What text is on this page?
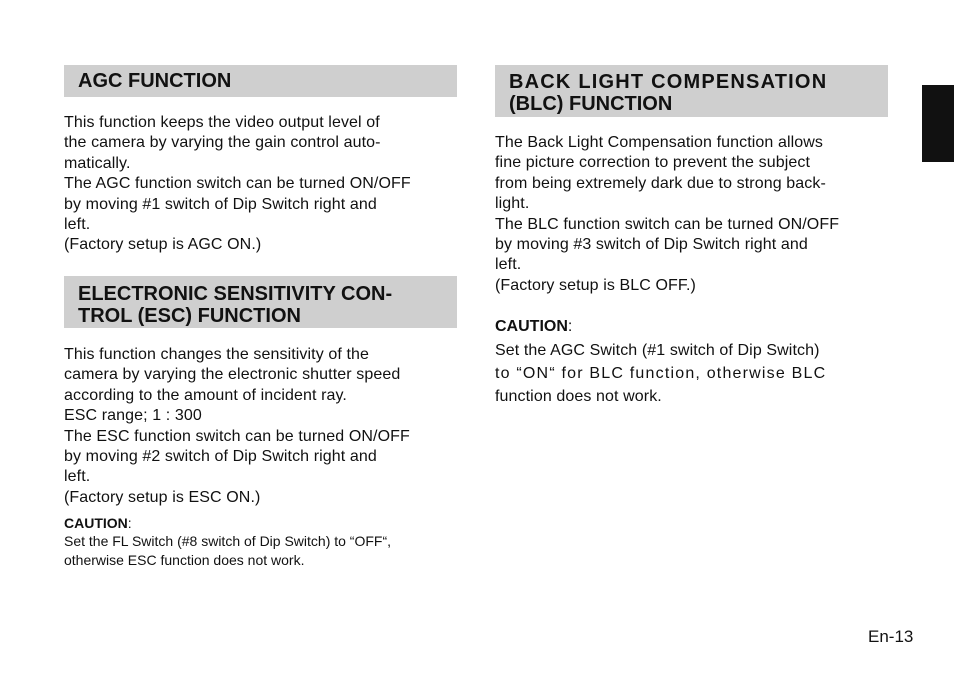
AGC FUNCTION
This function keeps the video output level of
the camera by varying the gain control auto-
matically.
The AGC function switch can be turned ON/OFF
by moving #1 switch of Dip Switch right and
left.
(Factory setup is AGC ON.)
ELECTRONIC SENSITIVITY CON-
TROL (ESC) FUNCTION
This function changes the sensitivity of the
camera by varying the electronic shutter speed
according to the amount of incident ray.
ESC range; 1 : 300
The ESC function switch can be turned ON/OFF
by moving #2 switch of Dip Switch right and
left.
(Factory setup is ESC ON.)
CAUTION:
Set the FL Switch (#8 switch of Dip Switch) to “OFF“,
otherwise ESC function does not work.
BACK LIGHT COMPENSATION
(BLC) FUNCTION
The Back Light Compensation function allows
fine picture correction to prevent the subject
from being extremely dark due to strong back-
light.
The BLC function switch can be turned ON/OFF
by moving #3 switch of Dip Switch right and
left.
(Factory setup is BLC OFF.)
CAUTION:
Set the AGC Switch (#1 switch of Dip Switch)
to “ON“ for BLC function, otherwise BLC
function does not work.
En-13
